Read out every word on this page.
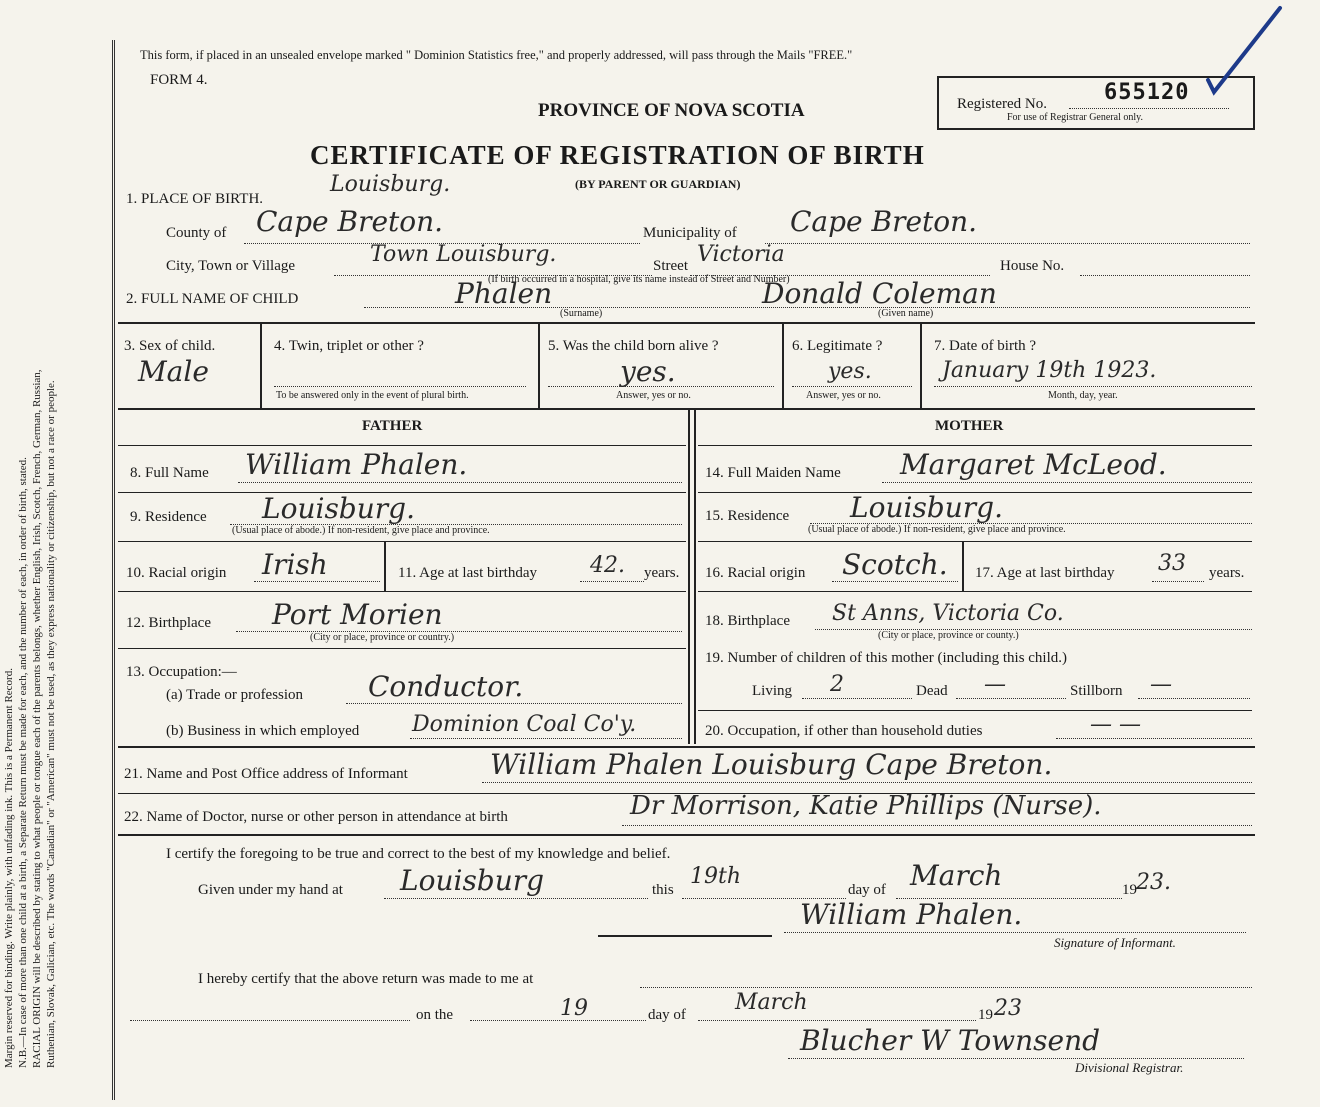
Margin reserved for binding. Write plainly, with unfading ink. This is a Permanent Record. N.B.—In case of more than one child at a birth, a Separate Return must be made for each, and the number of each, in order of birth, stated. RACIAL ORIGIN will be described by stating to what people or tongue each of the parents belongs, whether English, Irish, Scotch, French, German, Russian, Ruthenian, Slovak, Galician, etc. The words "Canadian" or "American" must not be used, as they express nationality or citizenship, but not a race or people.
This form, if placed in an unsealed envelope marked " Dominion Statistics free," and properly addressed, will pass through the Mails "FREE."
FORM 4.
PROVINCE OF NOVA SCOTIA
CERTIFICATE OF REGISTRATION OF BIRTH
(BY PARENT OR GUARDIAN)
Registered No.	655120
For use of Registrar General only.
1. PLACE OF BIRTH.
Louisburg.
County of Cape Breton.	Municipality of Cape Breton.
City, Town or Village	Town Louisburg.	Street Victoria	House No.
(If birth occurred in a hospital, give its name instead of Street and Number)
2. FULL NAME OF CHILD	Phalen	Donald Coleman
(Surname)	(Given name)
3. Sex of child.
Male
4. Twin, triplet or other ?
To be answered only in the event of plural birth.
5. Was the child born alive ?
yes.
Answer, yes or no.
6. Legitimate ?
yes.
Answer, yes or no.
7. Date of birth ?
January 19th 1923.
Month, day, year.
FATHER	MOTHER
8. Full Name William Phalen.
9. Residence Louisburg.
(Usual place of abode.) If non-resident, give place and province.
10. Racial origin Irish	11. Age at last birthday 42. years.
12. Birthplace Port Morien
(City or place, province or country.)
13. Occupation:—
(a) Trade or profession Conductor.
(b) Business in which employed Dominion Coal Co'y.
14. Full Maiden Name Margaret McLeod.
15. Residence Louisburg.
(Usual place of abode.) If non-resident, give place and province.
16. Racial origin Scotch. 17. Age at last birthday 33 years.
18. Birthplace St Anns, Victoria Co.
(City or place, province or county.)
19. Number of children of this mother (including this child.)
Living 2	Dead —	Stillborn —
20. Occupation, if other than household duties	— —
21. Name and Post Office address of Informant	William Phalen Louisburg Cape Breton.
22. Name of Doctor, nurse or other person in attendance at birth	Dr Morrison, Katie Phillips (Nurse).
I certify the foregoing to be true and correct to the best of my knowledge and belief.
Given under my hand at Louisburg	this
19th
day of March	19 23.
William Phalen.
Signature of Informant.
I hereby certify that the above return was made to me at
on the	19	day of March	19 23
Blucher W Townsend
Divisional Registrar.
